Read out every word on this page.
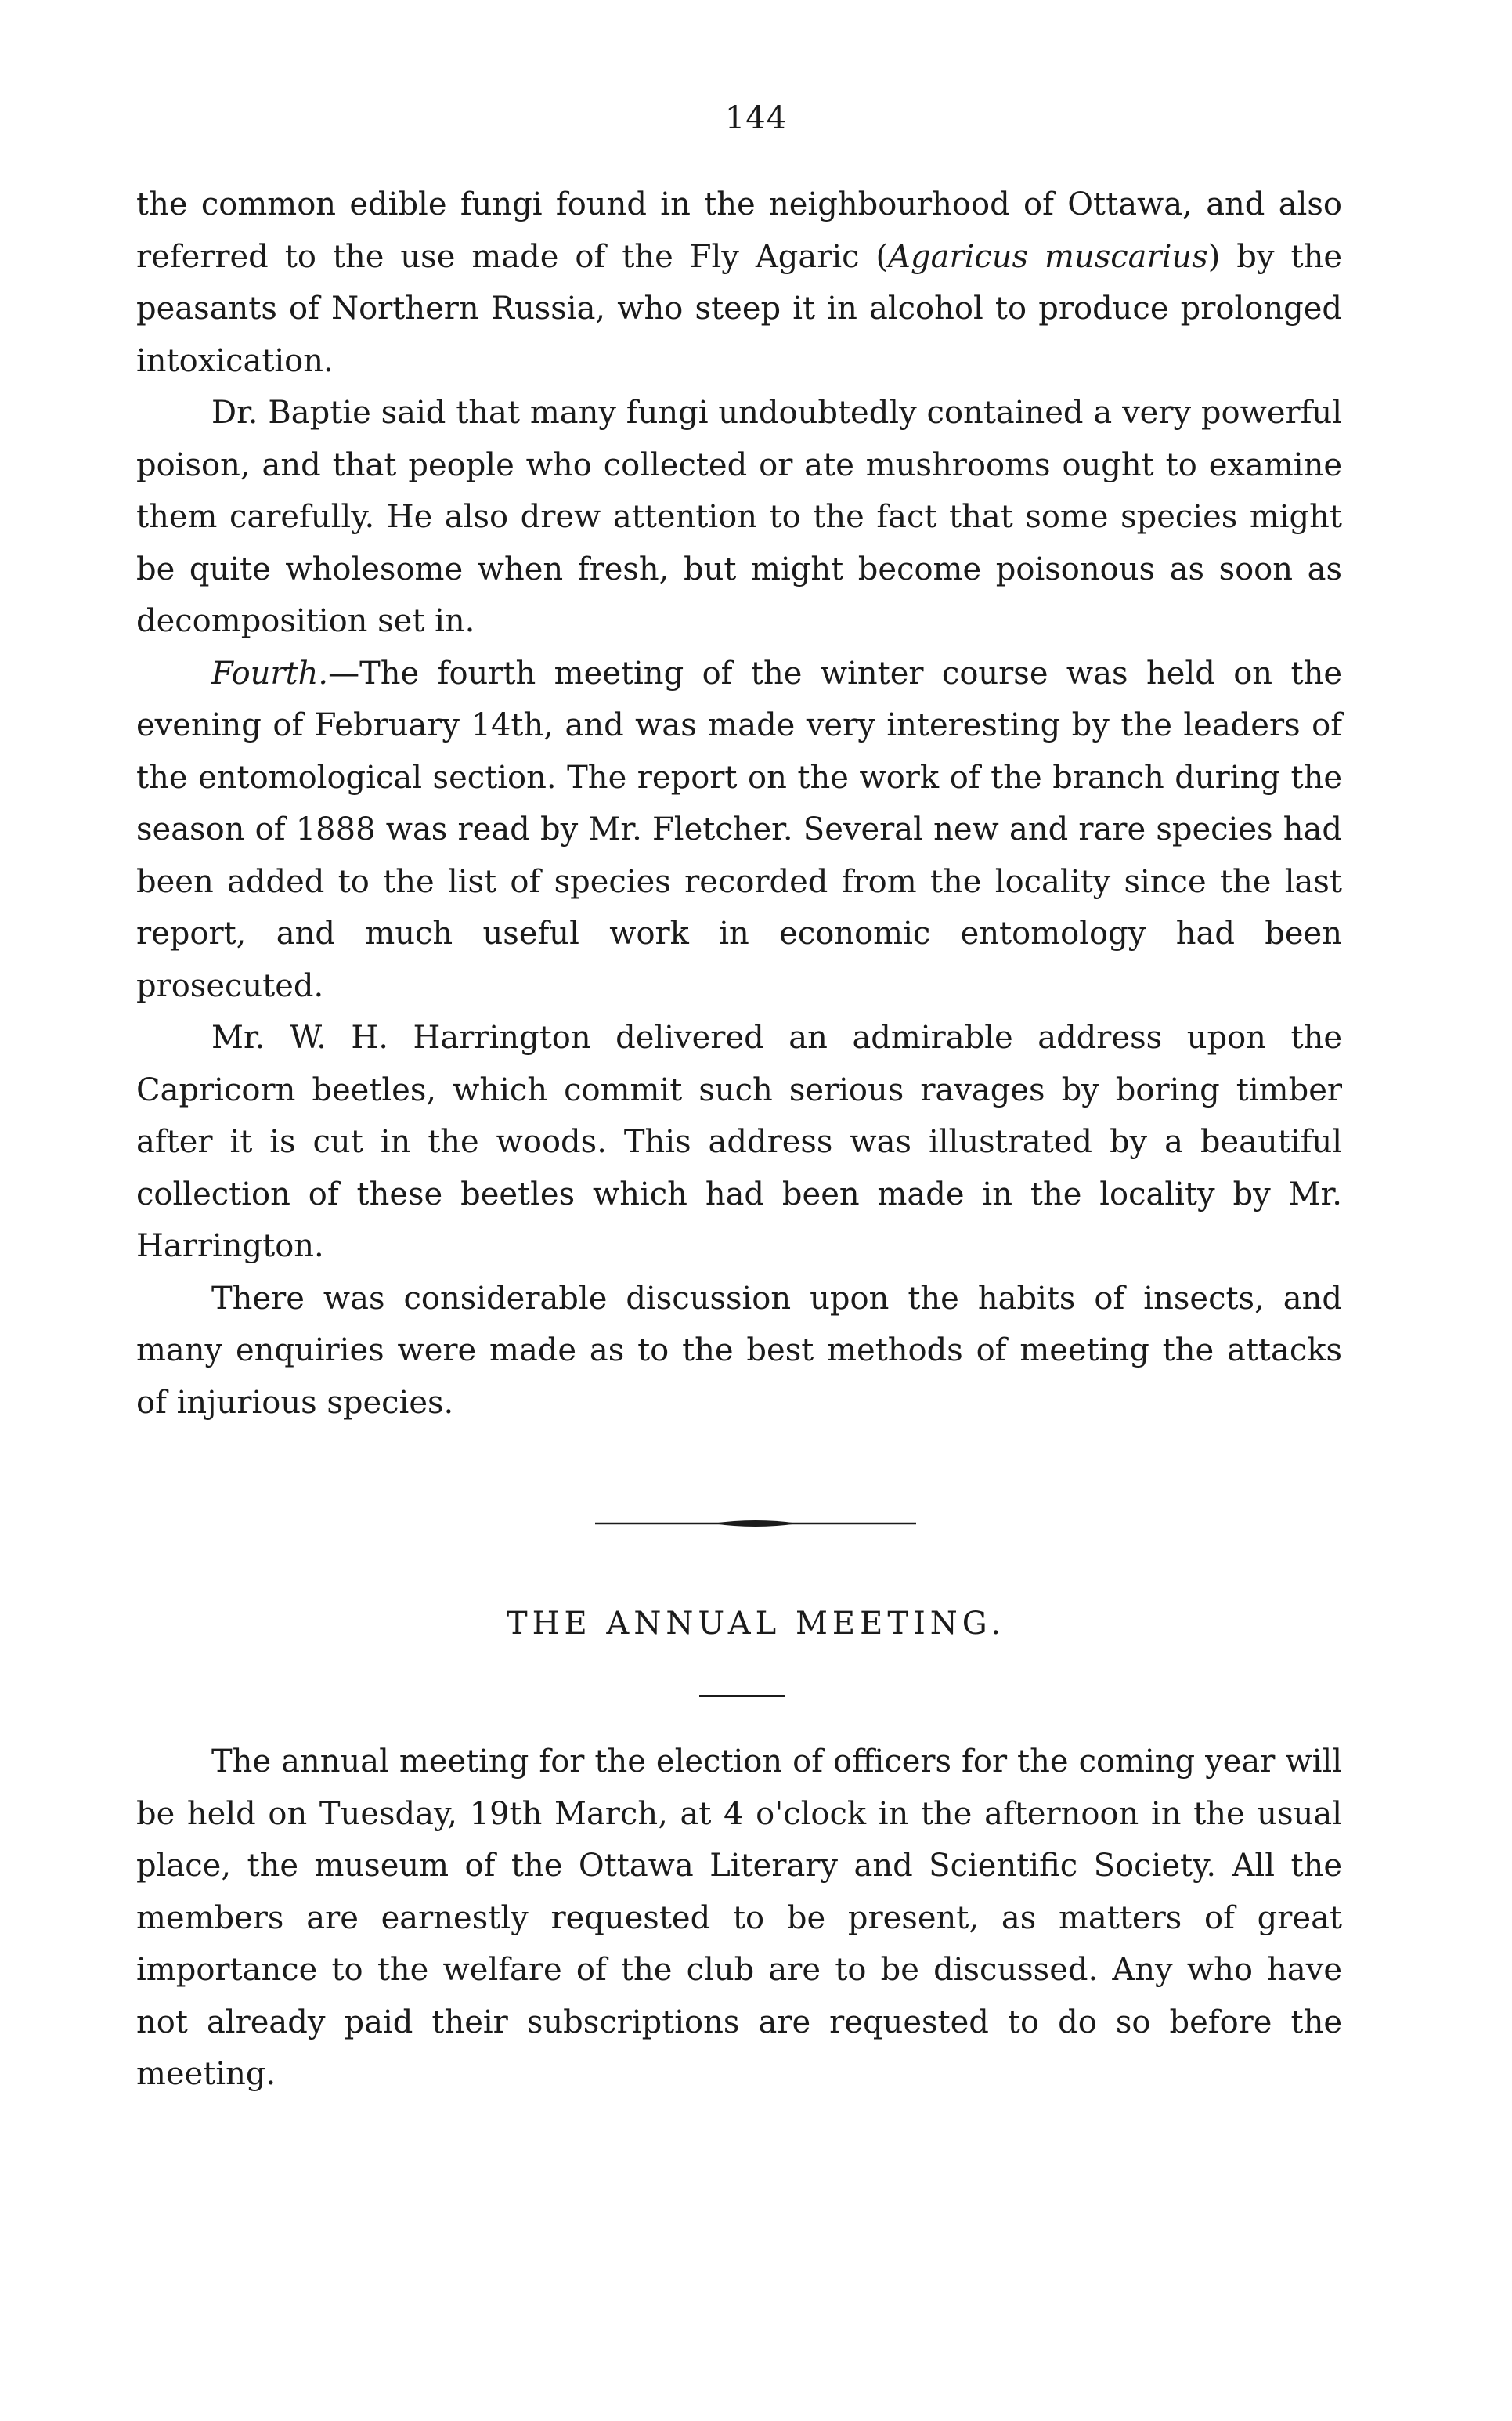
144

the common edible fungi found in the neighbourhood of Ottawa, and also referred to the use made of the Fly Agaric (Agaricus muscarius) by the peasants of Northern Russia, who steep it in alcohol to produce prolonged intoxication.

Dr. Baptie said that many fungi undoubtedly contained a very powerful poison, and that people who collected or ate mushrooms ought to examine them carefully. He also drew attention to the fact that some species might be quite wholesome when fresh, but might become poisonous as soon as decomposition set in.

Fourth.—The fourth meeting of the winter course was held on the evening of February 14th, and was made very interesting by the leaders of the entomological section. The report on the work of the branch during the season of 1888 was read by Mr. Fletcher. Several new and rare species had been added to the list of species recorded from the locality since the last report, and much useful work in economic entomology had been prosecuted.

Mr. W. H. Harrington delivered an admirable address upon the Capricorn beetles, which commit such serious ravages by boring timber after it is cut in the woods. This address was illustrated by a beautiful collection of these beetles which had been made in the locality by Mr. Harrington.

There was considerable discussion upon the habits of insects, and many enquiries were made as to the best methods of meeting the attacks of injurious species.

THE ANNUAL MEETING.

The annual meeting for the election of officers for the coming year will be held on Tuesday, 19th March, at 4 o'clock in the afternoon in the usual place, the museum of the Ottawa Literary and Scientific Society. All the members are earnestly requested to be present, as matters of great importance to the welfare of the club are to be discussed. Any who have not already paid their subscriptions are requested to do so before the meeting.
